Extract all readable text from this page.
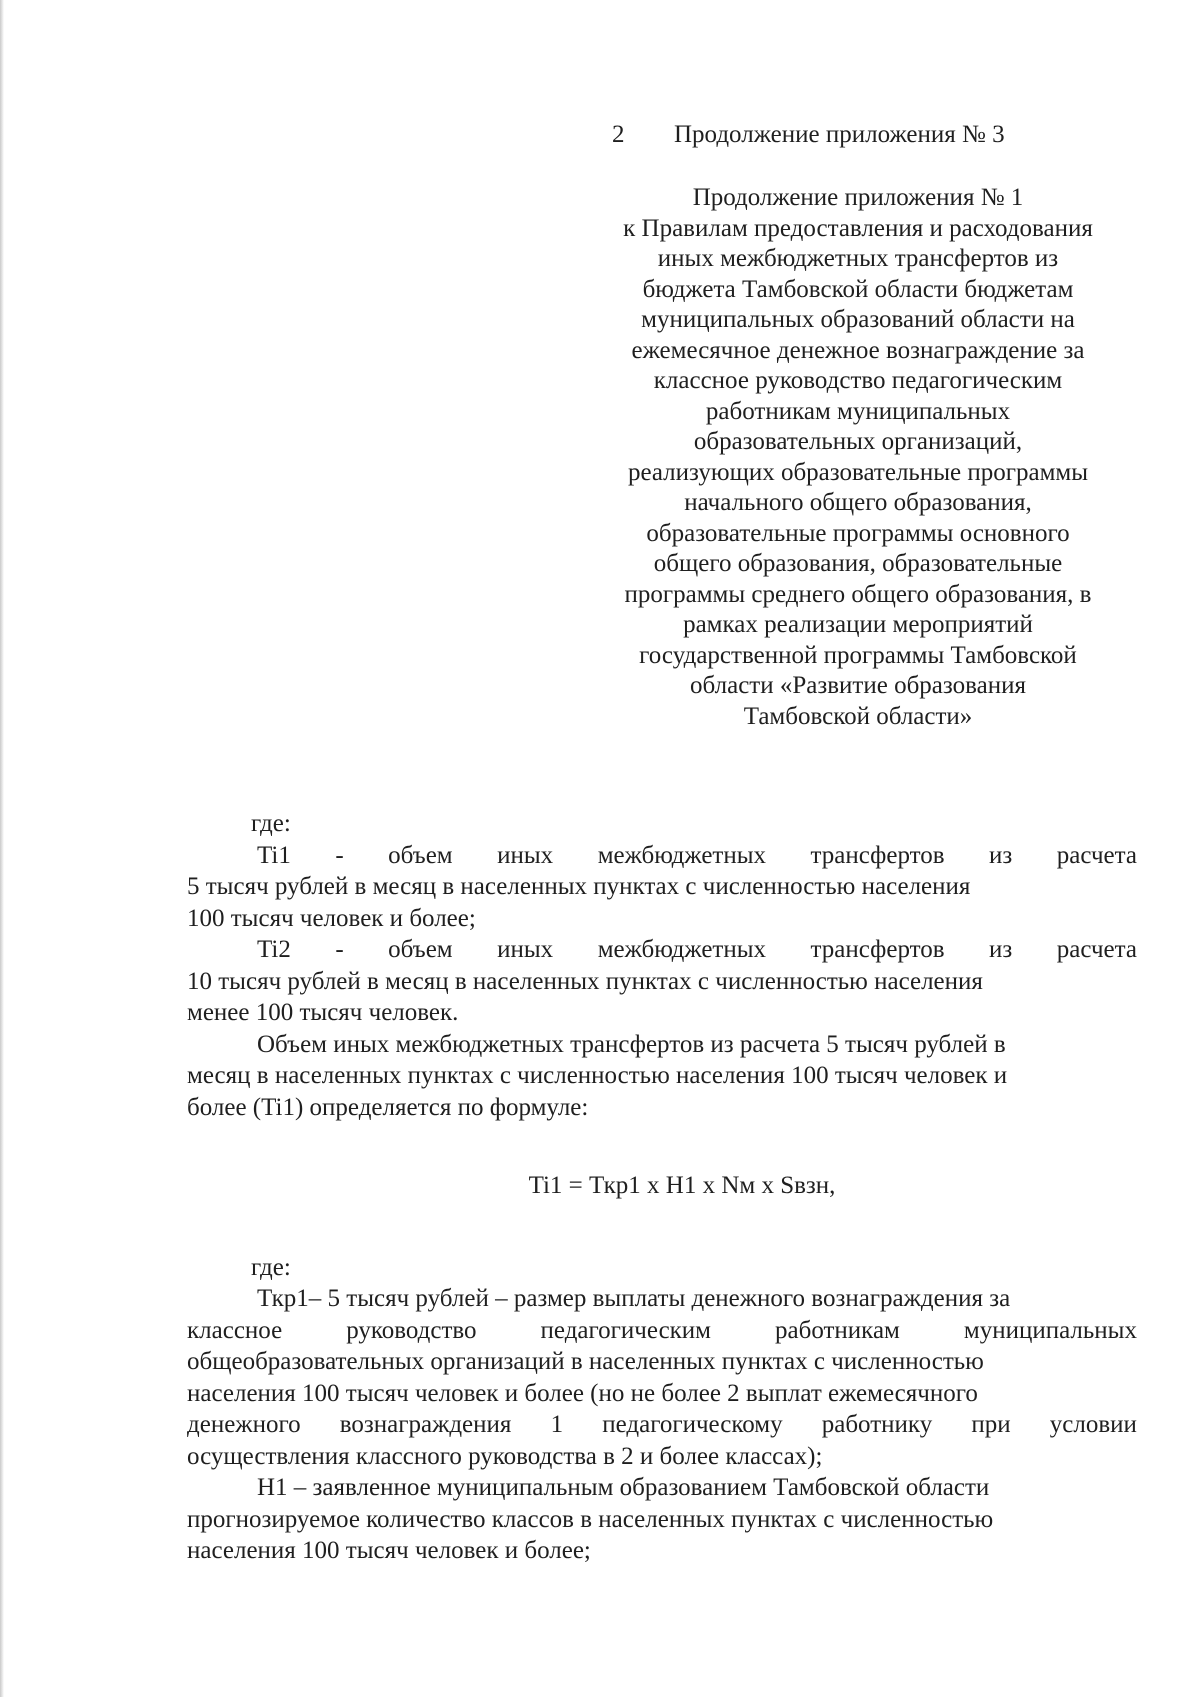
2 Продолжение приложения № 3
Продолжение приложения № 1
к Правилам предоставления и расходования
иных межбюджетных трансфертов из
бюджета Тамбовской области бюджетам
муниципальных образований области на
ежемесячное денежное вознаграждение за
классное руководство педагогическим
работникам муниципальных
образовательных организаций,
реализующих образовательные программы
начального общего образования,
образовательные программы основного
общего образования, образовательные
программы среднего общего образования, в
рамках реализации мероприятий
государственной программы Тамбовской
области «Развитие образования
Тамбовской области»
где:
Ti1 - объем иных межбюджетных трансфертов из расчета
5 тысяч рублей в месяц в населенных пунктах с численностью населения
100 тысяч человек и более;
Ti2 - объем иных межбюджетных трансфертов из расчета
10 тысяч рублей в месяц в населенных пунктах с численностью населения
менее 100 тысяч человек.
Объем иных межбюджетных трансфертов из расчета 5 тысяч рублей в
месяц в населенных пунктах с численностью населения 100 тысяч человек и
более (Ti1) определяется по формуле:
Ti1 = Ткр1 х Н1 х Nм х Sвзн,
где:
Ткр1– 5 тысяч рублей – размер выплаты денежного вознаграждения за
классное	руководство	педагогическим	работникам	муниципальных
общеобразовательных организаций в населенных пунктах с численностью
населения 100 тысяч человек и более (но не более 2 выплат ежемесячного
денежного вознаграждения 1 педагогическому работнику при условии
осуществления классного руководства в 2 и более классах);
Н1 – заявленное муниципальным образованием Тамбовской области
прогнозируемое количество классов в населенных пунктах с численностью
населения 100 тысяч человек и более;
